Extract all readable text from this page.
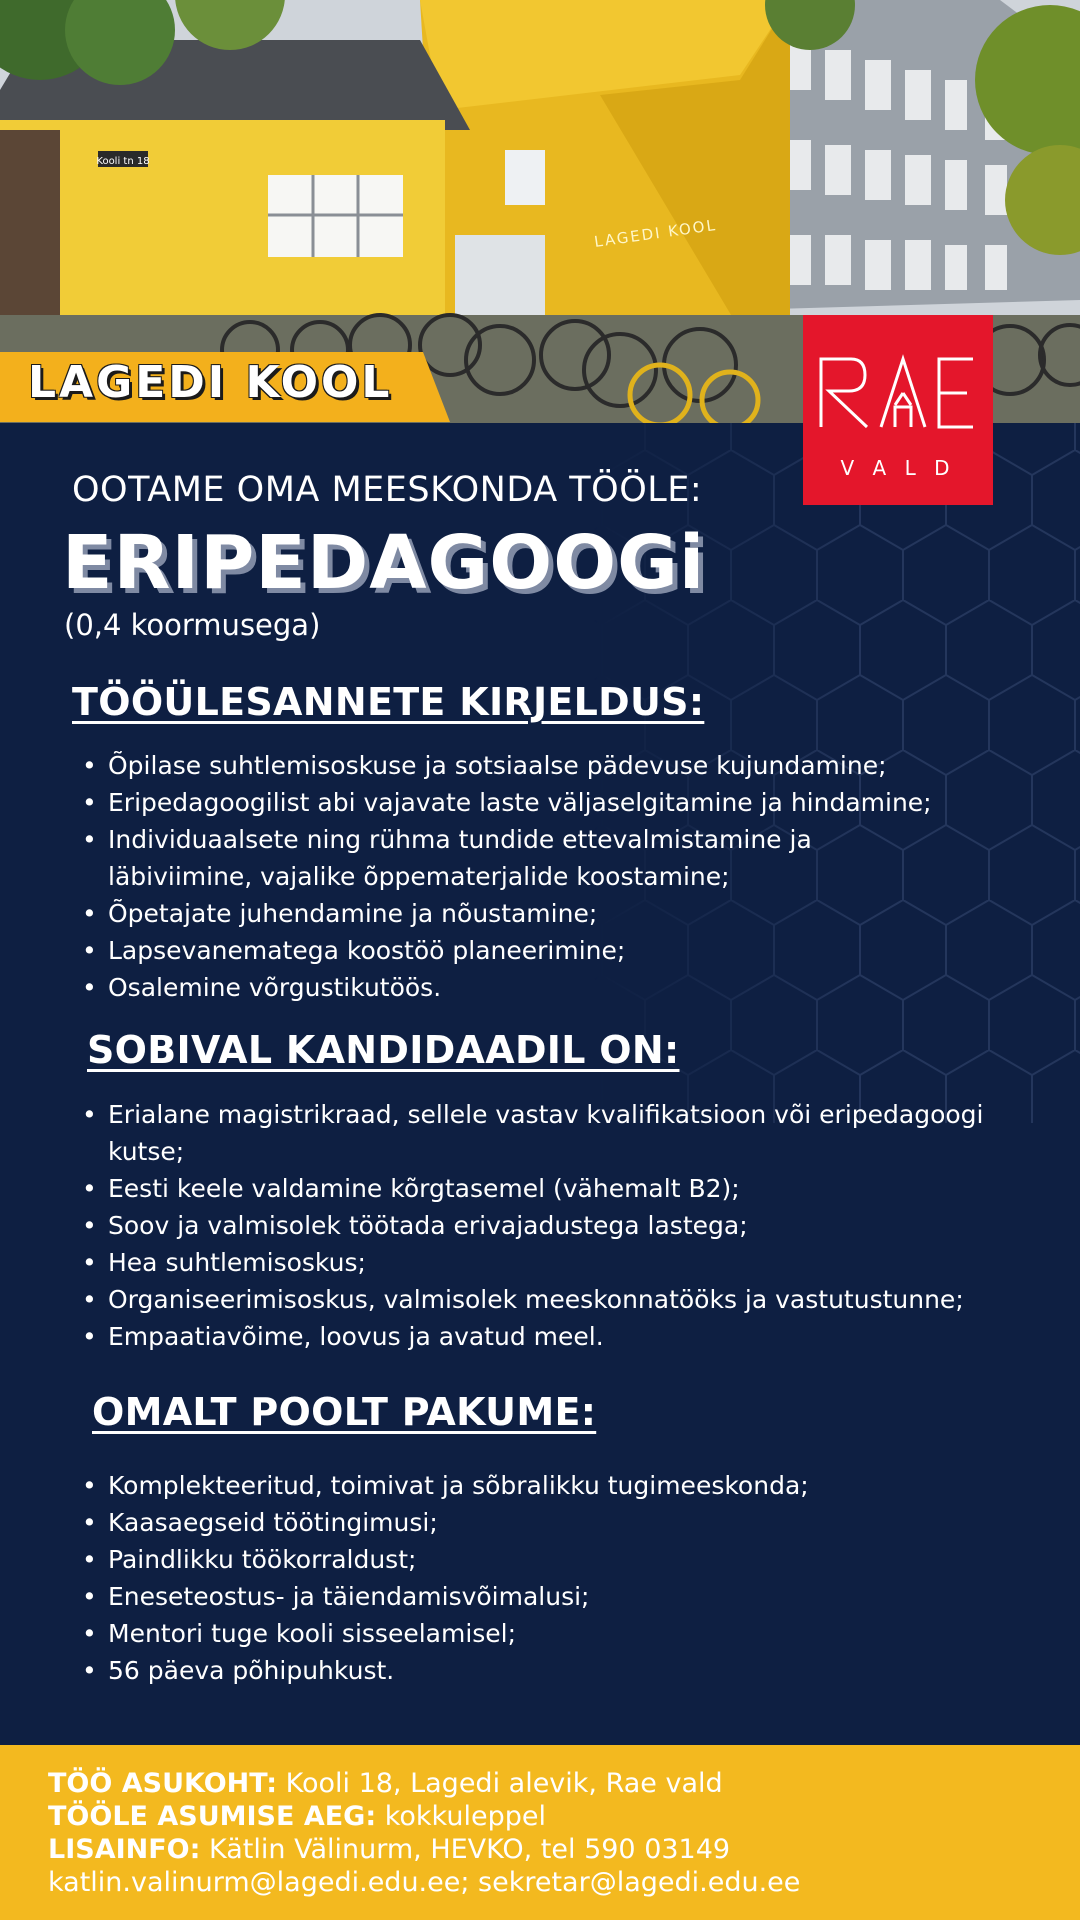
Kooli tn 18
LAGEDI KOOL
LAGEDI KOOL
V A L D
RAE
OOTAME OMA MEESKONDA TÖÖLE:
ERIPEDAGOOGi
(0,4 koormusega)
TÖÖÜLESANNETE KIRJELDUS:
• Õpilase suhtlemisoskuse ja sotsiaalse pädevuse kujundamine;
• Eripedagoogilist abi vajavate laste väljaselgitamine ja hindamine;
• Individuaalsete ning rühma tundide ettevalmistamine ja läbiviimine, vajalike õppematerjalide koostamine;
• Õpetajate juhendamine ja nõustamine;
• Lapsevanematega koostöö planeerimine;
• Osalemine võrgustikutöös.
SOBIVAL KANDIDAADIL ON:
• Erialane magistrikraad, sellele vastav kvalifikatsioon või eripedagoogi kutse;
• Eesti keele valdamine kõrgtasemel (vähemalt B2);
• Soov ja valmisolek töötada erivajadustega lastega;
• Hea suhtlemisoskus;
• Organiseerimisoskus, valmisolek meeskonnatööks ja vastutustunne;
• Empaatiavõime, loovus ja avatud meel.
OMALT POOLT PAKUME:
• Komplekteeritud, toimivat ja sõbralikku tugimeeskonda;
• Kaasaegseid töötingimusi;
• Paindlikku töökorraldust;
• Eneseteostus- ja täiendamisvõimalusi;
• Mentori tuge kooli sisseelamisel;
• 56 päeva põhipuhkust.
TÖÖ ASUKOHT: Kooli 18, Lagedi alevik, Rae vald
TÖÖLE ASUMISE AEG: kokkuleppel
LISAINFO: Kätlin Välinurm, HEVKO, tel 590 03149
katlin.valinurm@lagedi.edu.ee; sekretar@lagedi.edu.ee
